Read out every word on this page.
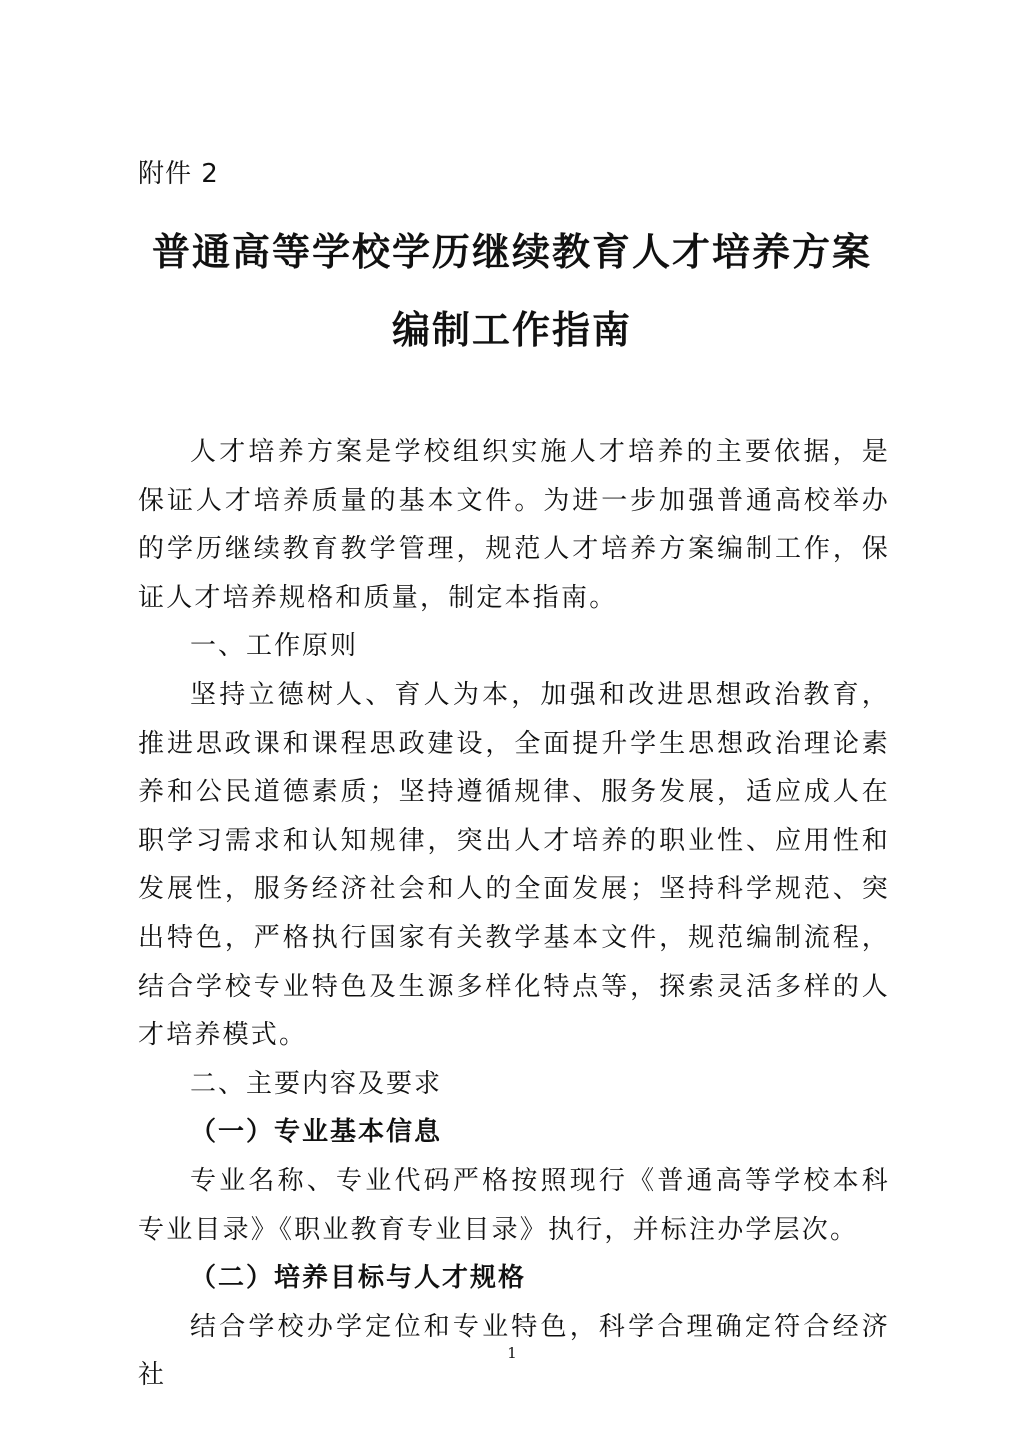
附件 2

普通高等学校学历继续教育人才培养方案
编制工作指南

人才培养方案是学校组织实施人才培养的主要依据，是保证人才培养质量的基本文件。为进一步加强普通高校举办的学历继续教育教学管理，规范人才培养方案编制工作，保证人才培养规格和质量，制定本指南。

一、工作原则

坚持立德树人、育人为本，加强和改进思想政治教育，推进思政课和课程思政建设，全面提升学生思想政治理论素养和公民道德素质；坚持遵循规律、服务发展，适应成人在职学习需求和认知规律，突出人才培养的职业性、应用性和发展性，服务经济社会和人的全面发展；坚持科学规范、突出特色，严格执行国家有关教学基本文件，规范编制流程，结合学校专业特色及生源多样化特点等，探索灵活多样的人才培养模式。

二、主要内容及要求
（一）专业基本信息

专业名称、专业代码严格按照现行《普通高等学校本科专业目录》《职业教育专业目录》执行，并标注办学层次。

（二）培养目标与人才规格

结合学校办学定位和专业特色，科学合理确定符合经济社

1
